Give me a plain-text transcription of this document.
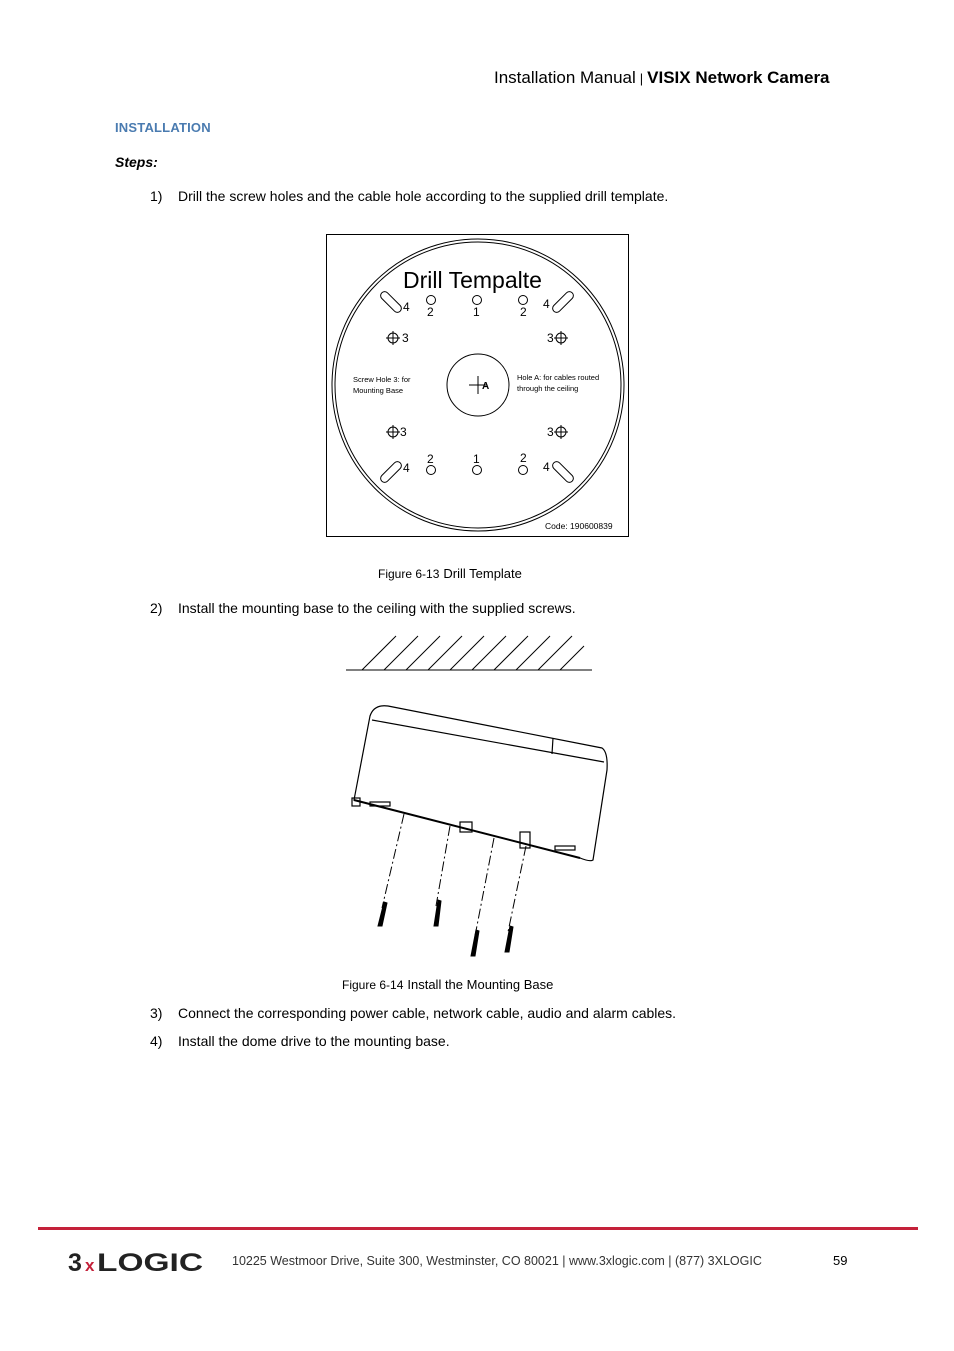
Installation Manual | VISIX Network Camera
INSTALLATION
Steps:
1) Drill the screw holes and the cable hole according to the supplied drill template.
Drill Tempalte
4	4
4	4
2	1	2
2	1	2
3	3
3	3
A
Screw Hole 3: for
Mounting Base
Hole A: for cables routed
through the ceiling
Code: 190600839
Figure 6-13 Drill Template
2) Install the mounting base to the ceiling with the supplied screws.
Figure 6-14 Install the Mounting Base
3) Connect the corresponding power cable, network cable, audio and alarm cables.
4) Install the dome drive to the mounting base.
3 x LOGIC 10225 Westmoor Drive, Suite 300, Westminster, CO 80021 | www.3xlogic.com | (877) 3XLOGIC	59
